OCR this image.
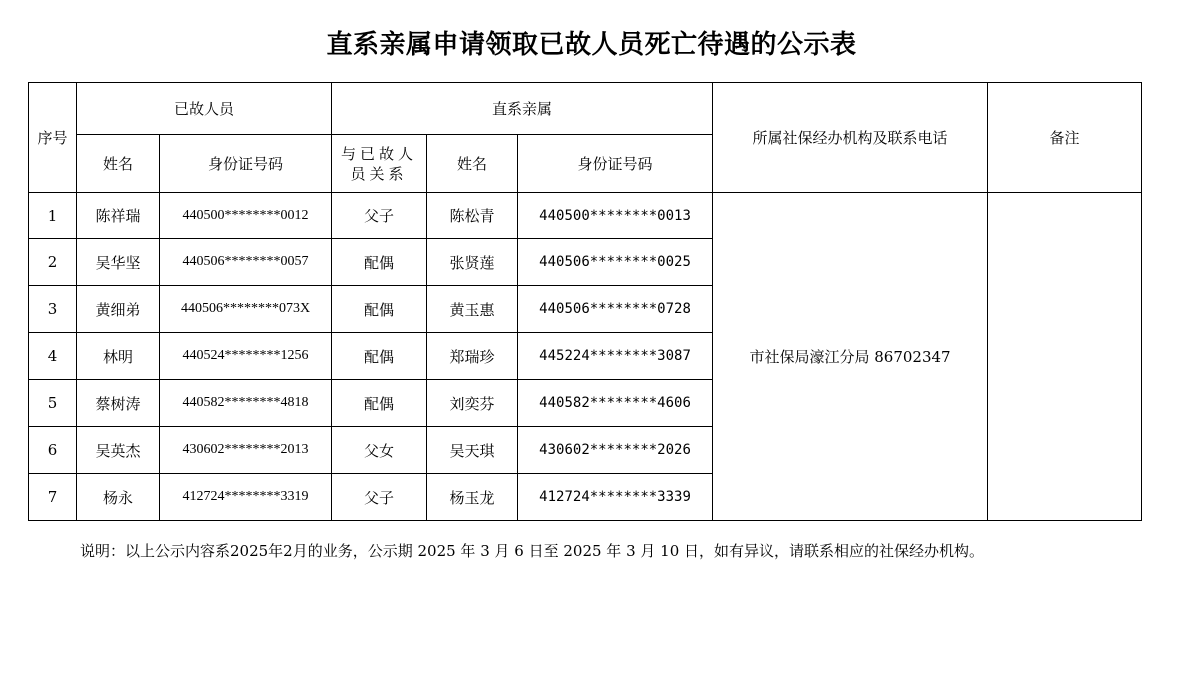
直系亲属申请领取已故人员死亡待遇的公示表
序号	已故人员		直系亲属			所属社保经办机构及联系电话	备注
	姓名	身份证号码	与已故人员关系	姓名	身份证号码		
1	陈祥瑞	440500********0012	父子	陈松青	440500********0013	市社保局濠江分局 86702347	
2	吴华坚	440506********0057	配偶	张贤莲	440506********0025		
3	黄细弟	440506********073X	配偶	黄玉惠	440506********0728		
4	林明	440524********1256	配偶	郑瑞珍	445224********3087		
5	蔡树涛	440582********4818	配偶	刘奕芬	440582********4606		
6	吴英杰	430602********2013	父女	吴天琪	430602********2026		
7	杨永	412724********3319	父子	杨玉龙	412724********3339		
说明：以上公示内容系2025年2月的业务，公示期 2025 年 3 月 6 日至 2025 年 3 月 10 日，如有异议，请联系相应的社保经办机构。
